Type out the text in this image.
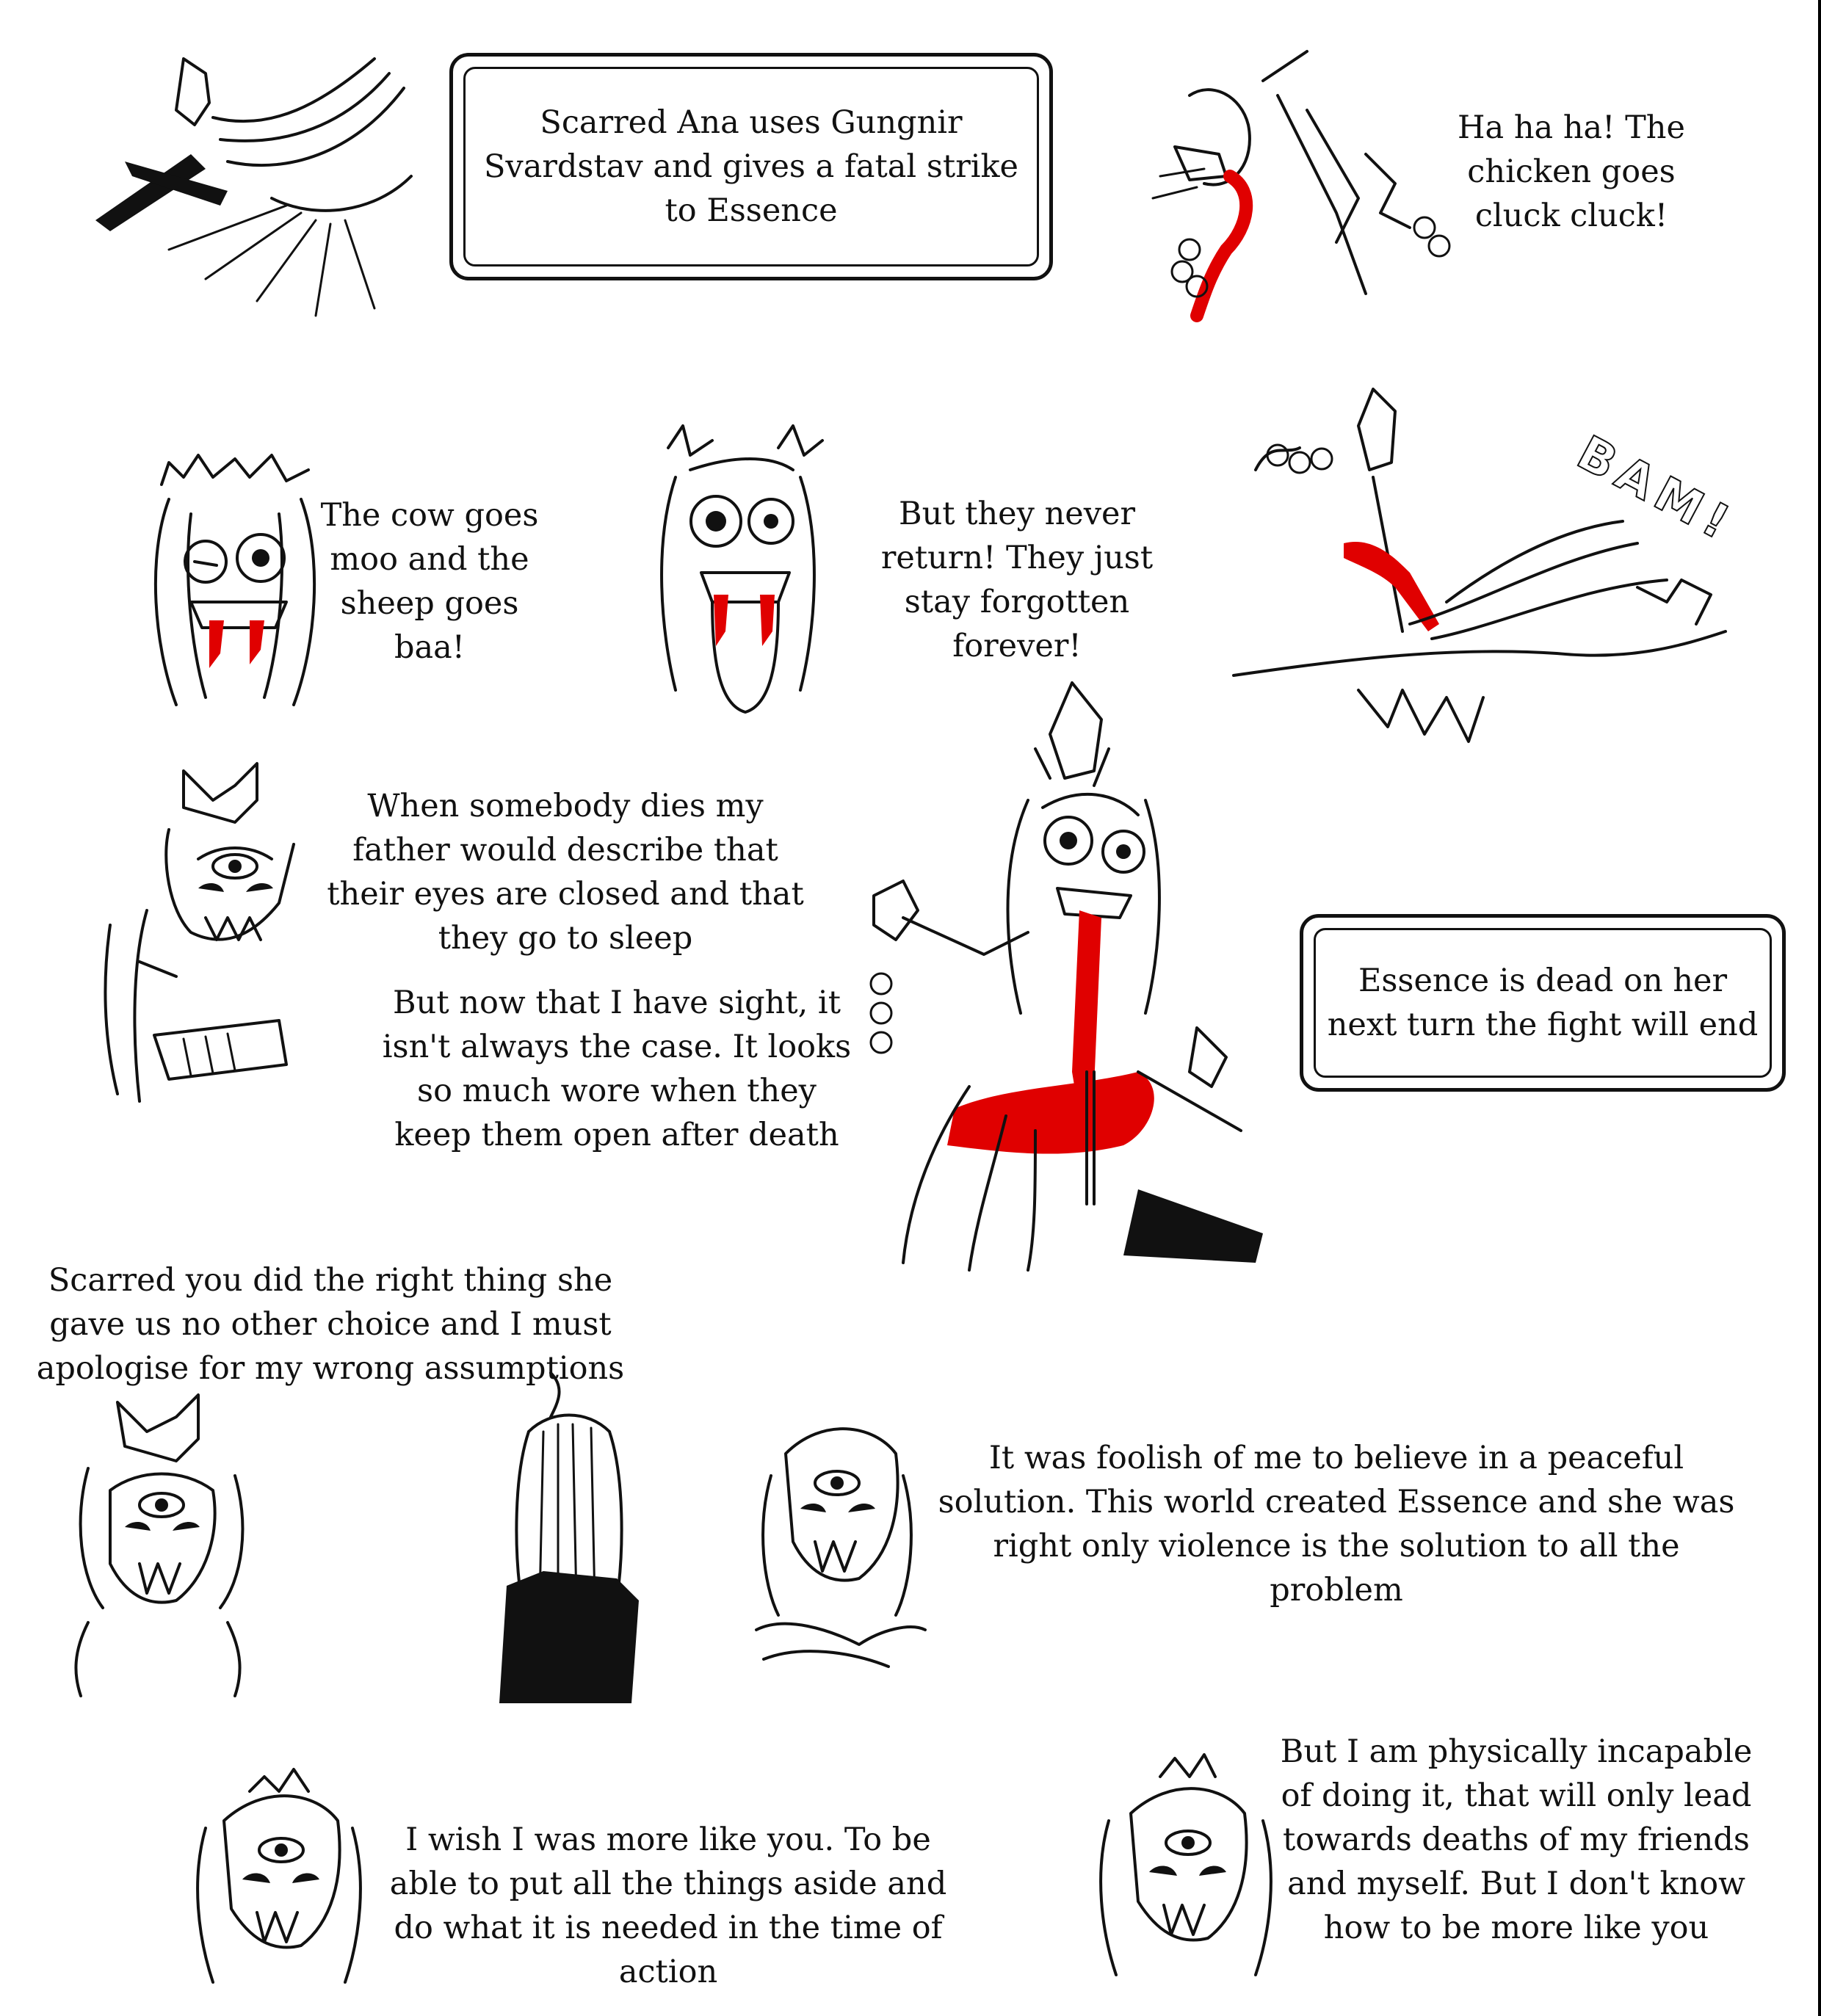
Scarred Ana uses Gungnir Svardstav and gives a fatal strike to Essence
Ha ha ha! The chicken goes cluck cluck!
The cow goes moo and the sheep goes baa!
But they never return! They just stay forgotten forever!
BAM!
When somebody dies my father would describe that their eyes are closed and that they go to sleep
But now that I have sight, it isn't always the case. It looks so much wore when they keep them open after death
Essence is dead on her next turn the fight will end
Scarred you did the right thing she gave us no other choice and I must apologise for my wrong assumptions
It was foolish of me to believe in a peaceful solution. This world created Essence and she was right only violence is the solution to all the problem
I wish I was more like you. To be able to put all the things aside and do what it is needed in the time of action
But I am physically incapable of doing it, that will only lead towards deaths of my friends and myself. But I don't know how to be more like you
